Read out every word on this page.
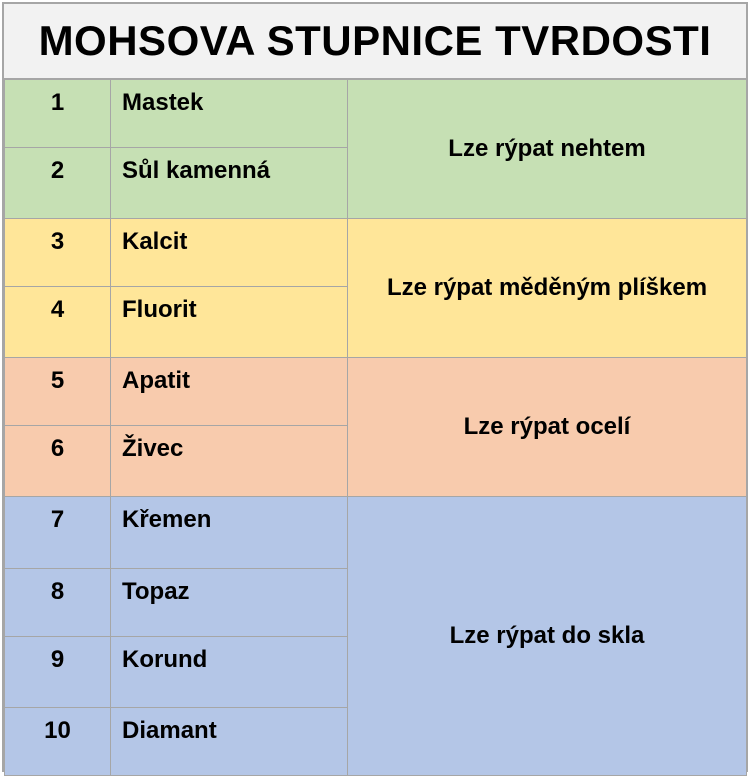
MOHSOVA STUPNICE TVRDOSTI
1	Mastek	Lze rýpat nehtem
2	Sůl kamenná	
3	Kalcit	Lze rýpat měděným plíškem
4	Fluorit	
5	Apatit	Lze rýpat ocelí
6	Živec	
7	Křemen	Lze rýpat do skla
8	Topaz	
9	Korund	
10	Diamant	
